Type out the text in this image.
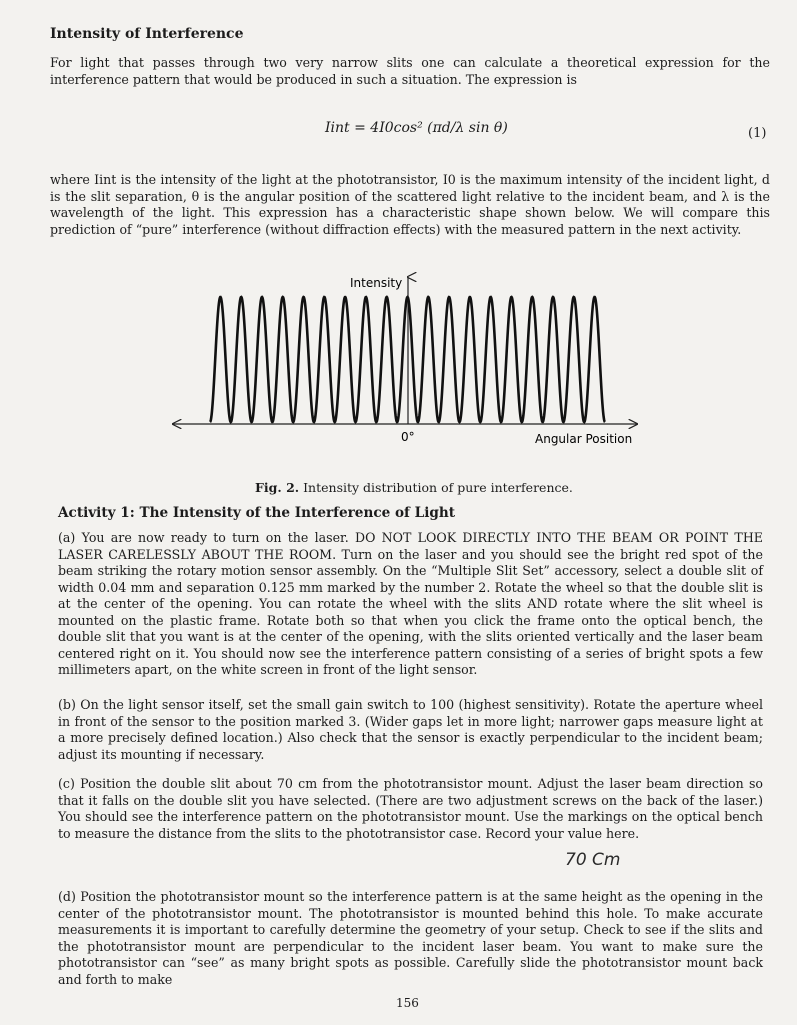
Intensity of Interference
For light that passes through two very narrow slits one can calculate a theoretical expression for the interference pattern that would be produced in such a situation. The expression is
Iint = 4I0cos² (πd/λ sin θ)	(1)
where Iint is the intensity of the light at the phototransistor, I0 is the maximum intensity of the incident light, d is the slit separation, θ is the angular position of the scattered light relative to the incident beam, and λ is the wavelength of the light. This expression has a characteristic shape shown below. We will compare this prediction of “pure” interference (without diffraction effects) with the measured pattern in the next activity.
Intensity
0°	Angular Position
Fig. 2. Intensity distribution of pure interference.
Activity 1: The Intensity of the Interference of Light
(a) You are now ready to turn on the laser. DO NOT LOOK DIRECTLY INTO THE BEAM OR POINT THE LASER CARELESSLY ABOUT THE ROOM. Turn on the laser and you should see the bright red spot of the beam striking the rotary motion sensor assembly. On the “Multiple Slit Set” accessory, select a double slit of width 0.04 mm and separation 0.125 mm marked by the number 2. Rotate the wheel so that the double slit is at the center of the opening. You can rotate the wheel with the slits AND rotate where the slit wheel is mounted on the plastic frame. Rotate both so that when you click the frame onto the optical bench, the double slit that you want is at the center of the opening, with the slits oriented vertically and the laser beam centered right on it. You should now see the interference pattern consisting of a series of bright spots a few millimeters apart, on the white screen in front of the light sensor.
(b) On the light sensor itself, set the small gain switch to 100 (highest sensitivity). Rotate the aperture wheel in front of the sensor to the position marked 3. (Wider gaps let in more light; narrower gaps measure light at a more precisely defined location.) Also check that the sensor is exactly perpendicular to the incident beam; adjust its mounting if necessary.
(c) Position the double slit about 70 cm from the phototransistor mount. Adjust the laser beam direction so that it falls on the double slit you have selected. (There are two adjustment screws on the back of the laser.) You should see the interference pattern on the phototransistor mount. Use the markings on the optical bench to measure the distance from the slits to the phototransistor case. Record your value here.
70 Cm
(d) Position the phototransistor mount so the interference pattern is at the same height as the opening in the center of the phototransistor mount. The phototransistor is mounted behind this hole. To make accurate measurements it is important to carefully determine the geometry of your setup. Check to see if the slits and the phototransistor mount are perpendicular to the incident laser beam. You want to make sure the phototransistor can “see” as many bright spots as possible. Carefully slide the phototransistor mount back and forth to make
156
